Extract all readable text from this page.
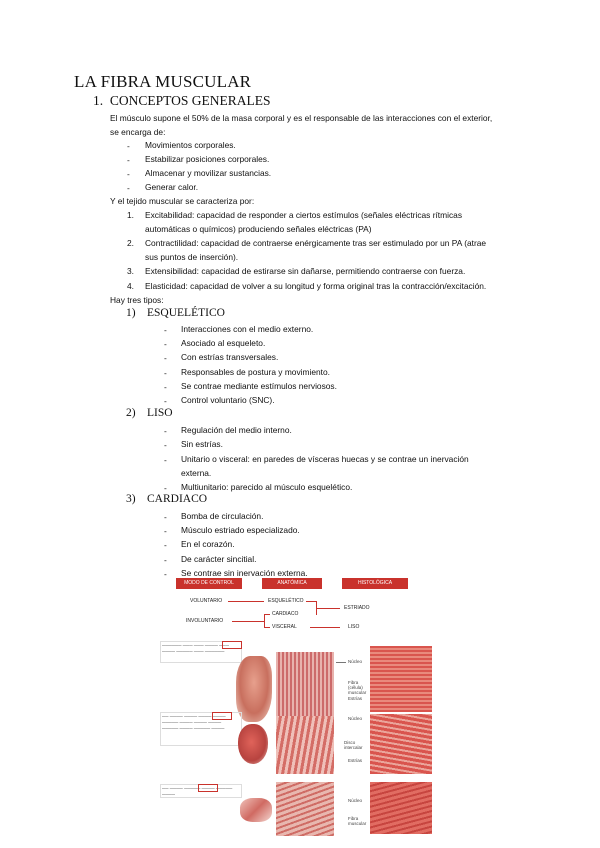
LA FIBRA MUSCULAR
1. CONCEPTOS GENERALES
El músculo supone el 50% de la masa corporal y es el responsable de las interacciones con el exterior,
se encarga de:
- Movimientos corporales.
- Estabilizar posiciones corporales.
- Almacenar y movilizar sustancias.
- Generar calor.
Y el tejido muscular se caracteriza por:
1. Excitabilidad: capacidad de responder a ciertos estímulos (señales eléctricas rítmicas
automáticas o químicos) produciendo señales eléctricas (PA)
2. Contractilidad: capacidad de contraerse enérgicamente tras ser estimulado por un PA (atrae
sus puntos de inserción).
3. Extensibilidad: capacidad de estirarse sin dañarse, permitiendo contraerse con fuerza.
4. Elasticidad: capacidad de volver a su longitud y forma original tras la contracción/excitación.
Hay tres tipos:
1) ESQUELÉTICO
- Interacciones con el medio externo.
- Asociado al esqueleto.
- Con estrías transversales.
- Responsables de postura y movimiento.
- Se contrae mediante estímulos nerviosos.
- Control voluntario (SNC).
2) LISO
- Regulación del medio interno.
- Sin estrías.
- Unitario o visceral: en paredes de vísceras huecas y se contrae un inervación
externa.
- Multiunitario: parecido al músculo esquelético.
3) CARDIACO
- Bomba de circulación.
- Músculo estriado especializado.
- En el corazón.
- De carácter sincitial.
- Se contrae sin inervación externa.
MODO DE CONTROL	ANATÓMICA	HISTOLÓGICA
VOLUNTARIO
INVOLUNTARIO
ESQUELÉTICO
CARDIACO
VISCERAL
ESTRIADO
LISO
────── ─── ─── ──── ─── ──── ───── ─── ──────
Núcleo
Fibra (célula) muscular
Estrías
── ──── ──── ──── ──── ───── ──── ──── ──── ───── ──── ───── ────
Núcleo
Disco intercalar
Estrías
── ──── ───── ──── ───── ────
Núcleo
Fibra muscular
